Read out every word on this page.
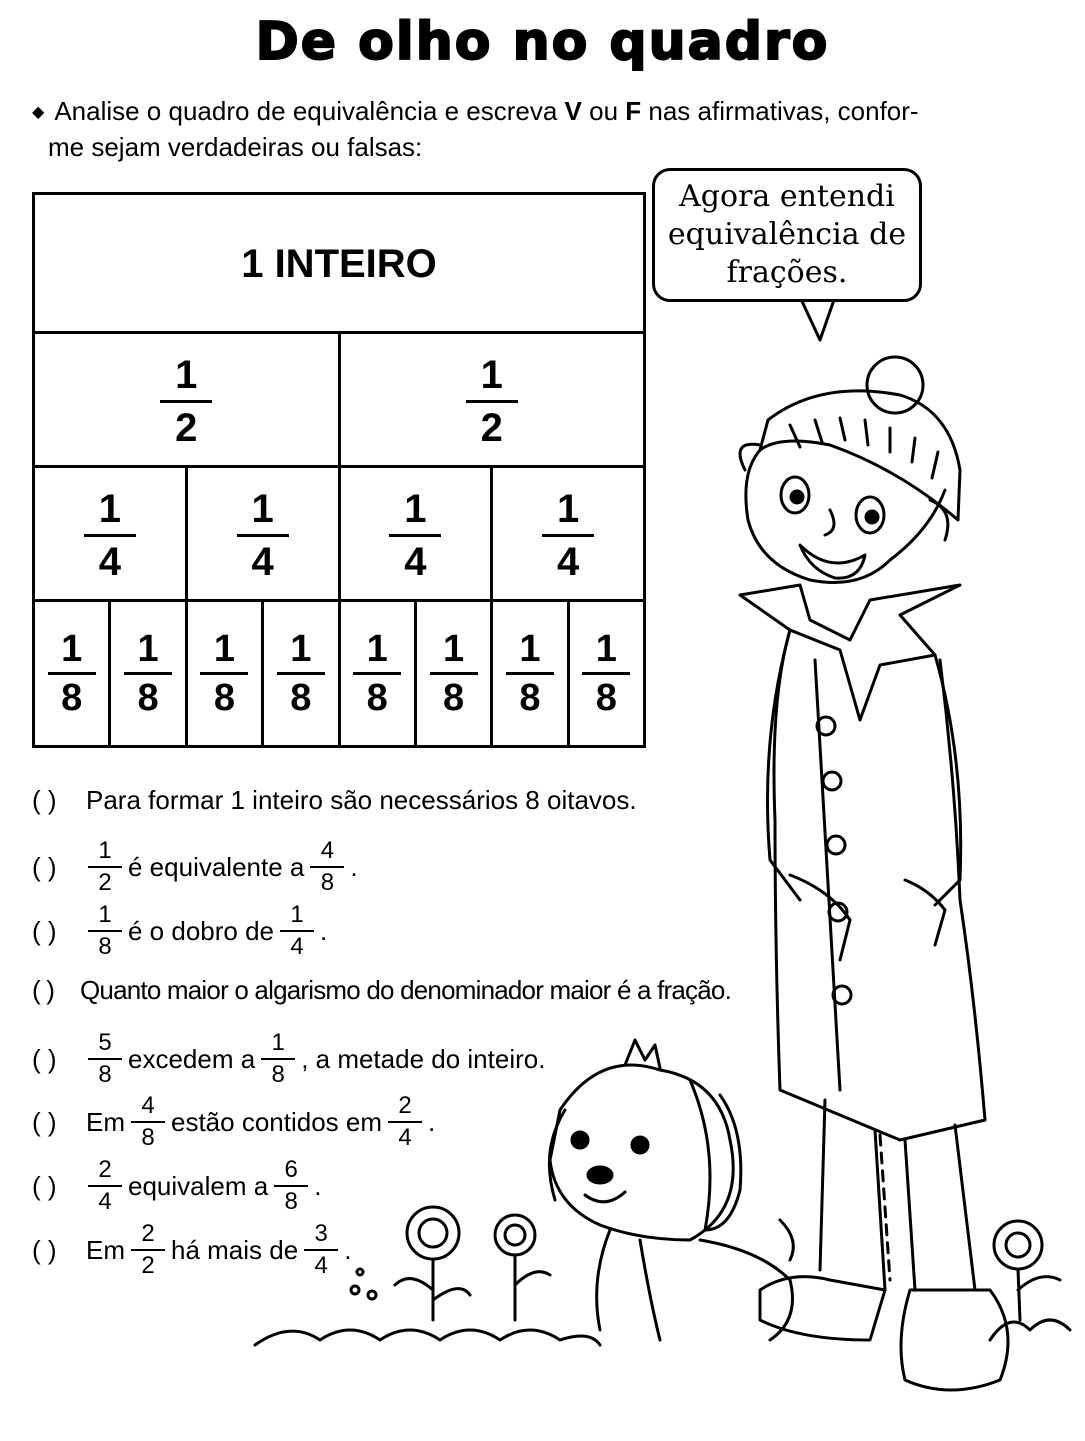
De olho no quadro
◆ Analise o quadro de equivalência e escreva V ou F nas afirmativas, confor-
me sejam verdadeiras ou falsas:
1 INTEIRO
$\frac{1}{2}$	$\frac{1}{2}$
$\frac{1}{4}$	$\frac{1}{4}$	$\frac{1}{4}$	$\frac{1}{4}$
$\frac{1}{8} \frac{1}{8} \frac{1}{8} \frac{1}{8} \frac{1}{8} \frac{1}{8} \frac{1}{8} \frac{1}{8}$
Agora entendi
equivalência de
frações.
( )	Para formar 1 inteiro são necessários 8 oitavos.
( )	$\frac{1}{2}$ é equivalente a $\frac{4}{8}$ .
( )	$\frac{1}{8}$ é o dobro de $\frac{1}{4}$ .
( ) Quanto maior o algarismo do denominador maior é a fração.
( )	$\frac{5}{8}$ excedem a $\frac{1}{8}$ , a metade do inteiro.
( )	Em $\frac{4}{8}$ estão contidos em $\frac{2}{4}$ .
( )	$\frac{2}{4}$ equivalem a $\frac{6}{8}$ .
( )	Em $\frac{2}{2}$ há mais de $\frac{3}{4}$ .
